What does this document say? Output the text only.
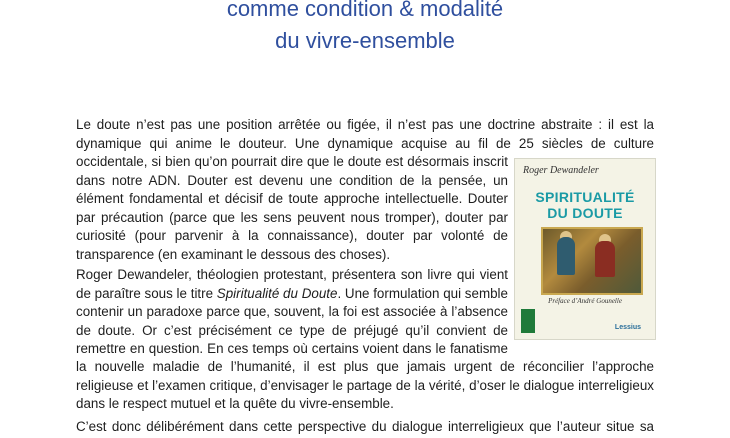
comme condition & modalité
du vivre-ensemble
Le doute n’est pas une position arrêtée ou figée, il n’est pas une doctrine abstraite : il est la
dynamique qui anime le douteur. Une dynamique acquise au fil de 25 siècles de culture
occidentale, si bien qu’on pourrait dire que le doute est désormais inscrit
dans notre ADN. Douter est devenu une condition de la pensée, un
élément fondamental et décisif de toute approche intellectuelle. Douter
par précaution (parce que les sens peuvent nous tromper), douter par
curiosité (pour parvenir à la connaissance), douter par volonté de
transparence (en examinant le dessous des choses).
Roger Dewandeler, théologien protestant, présentera son livre qui vient
de paraître sous le titre Spiritualité du Doute. Une formulation qui semble
contenir un paradoxe parce que, souvent, la foi est associée à l’absence
de doute. Or c’est précisément ce type de préjugé qu’il convient de
remettre en question. En ces temps où certains voient dans le fanatisme
la nouvelle maladie de l’humanité, il est plus que jamais urgent de réconcilier l’approche
religieuse et l’examen critique, d’envisager le partage de la vérité, d’oser le dialogue interreligieux
dans le respect mutuel et la quête du vivre-ensemble.
C’est donc délibérément dans cette perspective du dialogue interreligieux que l’auteur situe sa
Roger Dewandeler
SPIRITUALITÉ
DU DOUTE
Préface d’André Gounelle
Lessius
